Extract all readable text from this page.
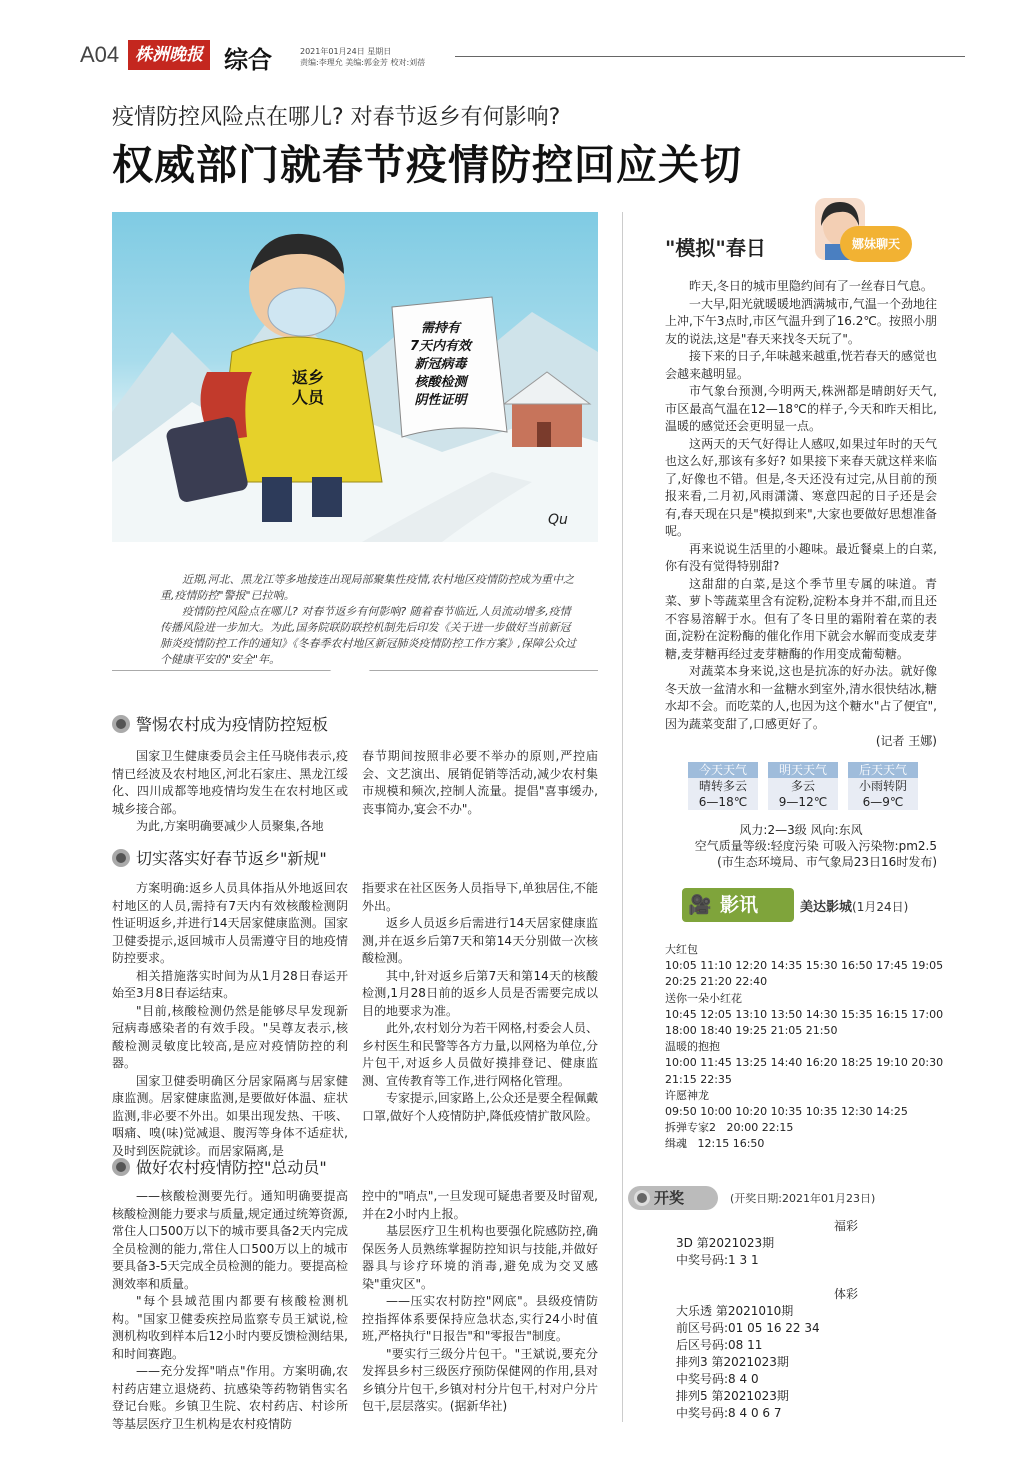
A04 株洲晚报 综合	2021年01月24日 星期日
责编:李理允 美编:郭金芳 校对:刘蓓
疫情防控风险点在哪儿? 对春节返乡有何影响?
权威部门就春节疫情防控回应关切
返乡
人员
需持有
7天内有效
新冠病毒
核酸检测
阴性证明
Qu

近期,河北、黑龙江等多地接连出现局部聚集性疫情,农村地区疫情防控成为重中之重,疫情防控"警报"已拉响。

疫情防控风险点在哪儿? 对春节返乡有何影响? 随着春节临近,人员流动增多,疫情传播风险进一步加大。为此,国务院联防联控机制先后印发《关于进一步做好当前新冠肺炎疫情防控工作的通知》《冬春季农村地区新冠肺炎疫情防控工作方案》,保障公众过个健康平安的"安全"年。

警惕农村成为疫情防控短板

国家卫生健康委员会主任马晓伟表示,疫情已经波及农村地区,河北石家庄、黑龙江绥化、四川成都等地疫情均发生在农村地区或城乡接合部。

为此,方案明确要减少人员聚集,各地

春节期间按照非必要不举办的原则,严控庙会、文艺演出、展销促销等活动,减少农村集市规模和频次,控制人流量。提倡"喜事缓办,丧事简办,宴会不办"。

切实落实好春节返乡"新规"

方案明确:返乡人员具体指从外地返回农村地区的人员,需持有7天内有效核酸检测阴性证明返乡,并进行14天居家健康监测。国家卫健委提示,返回城市人员需遵守目的地疫情防控要求。

相关措施落实时间为从1月28日春运开始至3月8日春运结束。

"目前,核酸检测仍然是能够尽早发现新冠病毒感染者的有效手段。"吴尊友表示,核酸检测灵敏度比较高,是应对疫情防控的利器。

国家卫健委明确区分居家隔离与居家健康监测。居家健康监测,是要做好体温、症状监测,非必要不外出。如果出现发热、干咳、咽痛、嗅(味)觉减退、腹泻等身体不适症状,及时到医院就诊。而居家隔离,是

指要求在社区医务人员指导下,单独居住,不能外出。

返乡人员返乡后需进行14天居家健康监测,并在返乡后第7天和第14天分别做一次核酸检测。

其中,针对返乡后第7天和第14天的核酸检测,1月28日前的返乡人员是否需要完成以目的地要求为准。

此外,农村划分为若干网格,村委会人员、乡村医生和民警等各方力量,以网格为单位,分片包干,对返乡人员做好摸排登记、健康监测、宣传教育等工作,进行网格化管理。

专家提示,回家路上,公众还是要全程佩戴口罩,做好个人疫情防护,降低疫情扩散风险。

做好农村疫情防控"总动员"

——核酸检测要先行。通知明确要提高核酸检测能力要求与质量,规定通过统筹资源,常住人口500万以下的城市要具备2天内完成全员检测的能力,常住人口500万以上的城市要具备3-5天完成全员检测的能力。要提高检测效率和质量。

"每个县域范围内都要有核酸检测机构。"国家卫健委疾控局监察专员王斌说,检测机构收到样本后12小时内要反馈检测结果,和时间赛跑。

——充分发挥"哨点"作用。方案明确,农村药店建立退烧药、抗感染等药物销售实名登记台账。乡镇卫生院、农村药店、村诊所等基层医疗卫生机构是农村疫情防

控中的"哨点",一旦发现可疑患者要及时留观,并在2小时内上报。

基层医疗卫生机构也要强化院感防控,确保医务人员熟练掌握防控知识与技能,并做好器具与诊疗环境的消毒,避免成为交叉感染"重灾区"。

——压实农村防控"网底"。县级疫情防控指挥体系要保持应急状态,实行24小时值班,严格执行"日报告"和"零报告"制度。

"要实行三级分片包干。"王斌说,要充分发挥县乡村三级医疗预防保健网的作用,县对乡镇分片包干,乡镇对村分片包干,村对户分片包干,层层落实。(据新华社)

娜妹聊天
"模拟"春日

昨天,冬日的城市里隐约间有了一丝春日气息。

一大早,阳光就暖暖地洒满城市,气温一个劲地往上冲,下午3点时,市区气温升到了16.2℃。按照小朋友的说法,这是"春天来找冬天玩了"。

接下来的日子,年味越来越重,恍若春天的感觉也会越来越明显。

市气象台预测,今明两天,株洲都是晴朗好天气,市区最高气温在12—18℃的样子,今天和昨天相比,温暖的感觉还会更明显一点。

这两天的天气好得让人感叹,如果过年时的天气也这么好,那该有多好? 如果接下来春天就这样来临了,好像也不错。但是,冬天还没有过完,从目前的预报来看,二月初,风雨潇潇、寒意四起的日子还是会有,春天现在只是"模拟到来",大家也要做好思想准备呢。

再来说说生活里的小趣味。最近餐桌上的白菜,你有没有觉得特别甜?

这甜甜的白菜,是这个季节里专属的味道。青菜、萝卜等蔬菜里含有淀粉,淀粉本身并不甜,而且还不容易溶解于水。但有了冬日里的霜附着在菜的表面,淀粉在淀粉酶的催化作用下就会水解而变成麦芽糖,麦芽糖再经过麦芽糖酶的作用变成葡萄糖。

对蔬菜本身来说,这也是抗冻的好办法。就好像冬天放一盆清水和一盆糖水到室外,清水很快结冰,糖水却不会。而吃菜的人,也因为这个糖水"占了便宜",因为蔬菜变甜了,口感更好了。

(记者 王娜)
今天天气
晴转多云
6—18℃
明天天气
多云
9—12℃
后天天气
小雨转阴
6—9℃
风力:2—3级 风向:东风
空气质量等级:轻度污染 可吸入污染物:pm2.5
(市生态环境局、市气象局23日16时发布)
🎥 影讯	美达影城(1月24日)
大红包
10:05 11:10 12:20 14:35 15:30 16:50 17:45 19:05 20:25 21:20 22:40
送你一朵小红花
10:45 12:05 13:10 13:50 14:30 15:35 16:15 17:00 18:00 18:40 19:25 21:05 21:50
温暖的抱抱
10:00 11:45 13:25 14:40 16:20 18:25 19:10 20:30 21:15 22:35
许愿神龙
09:50 10:00 10:20 10:35 10:35 12:30 14:25
拆弹专家2 20:00 22:15
缉魂 12:15 16:50
开奖	(开奖日期:2021年01月23日)
福彩
3D 第2021023期
中奖号码:1 3 1
体彩
大乐透 第2021010期
前区号码:01 05 16 22 34
后区号码:08 11
排列3 第2021023期
中奖号码:8 4 0
排列5 第2021023期
中奖号码:8 4 0 6 7
